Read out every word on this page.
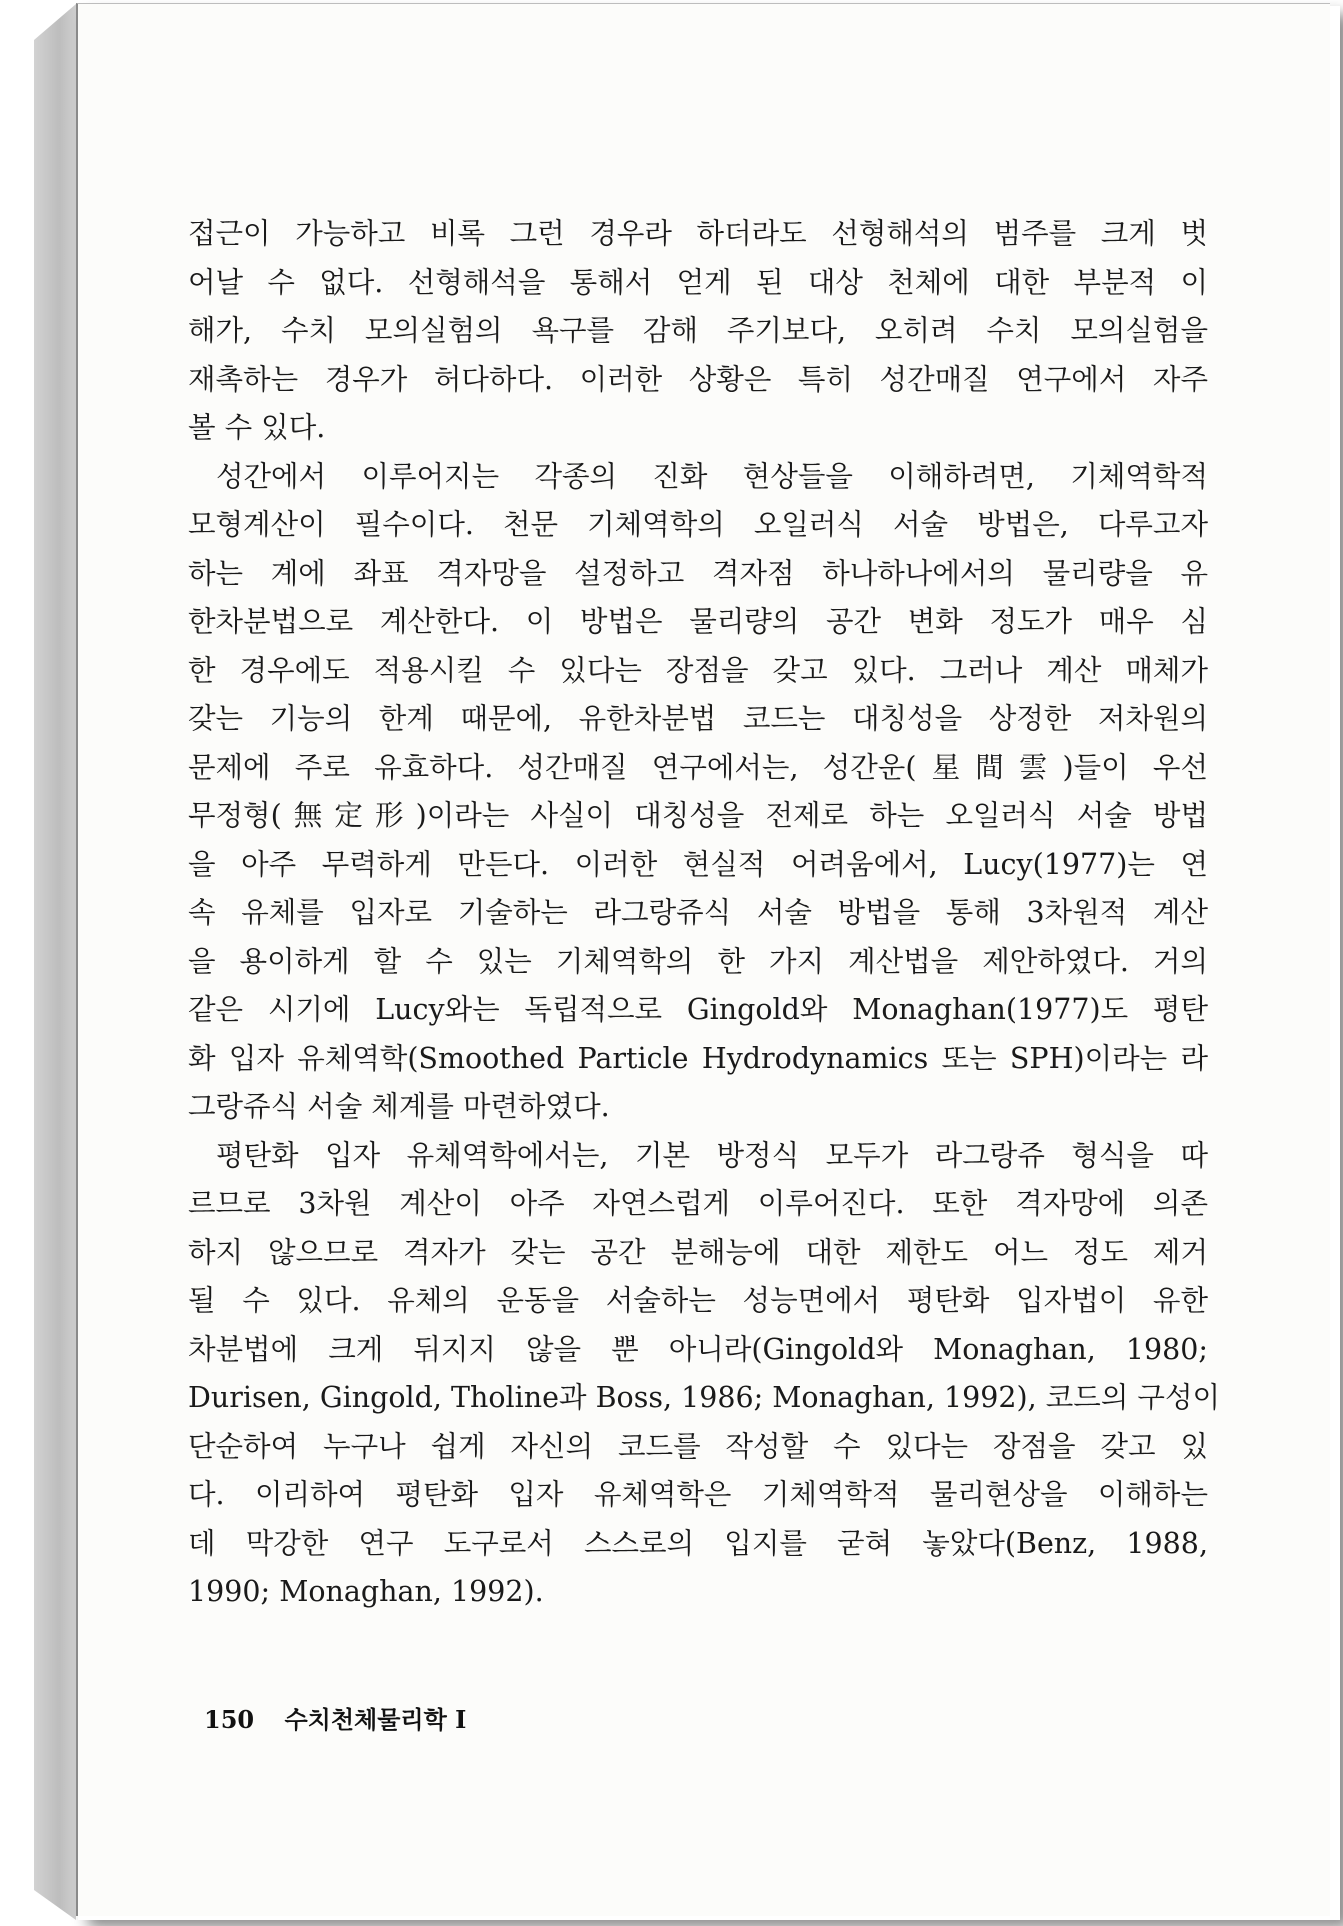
접근이 가능하고 비록 그런 경우라 하더라도 선형해석의 범주를 크게 벗
어날 수 없다. 선형해석을 통해서 얻게 된 대상 천체에 대한 부분적 이
해가, 수치 모의실험의 욕구를 감해 주기보다, 오히려 수치 모의실험을
재촉하는 경우가 허다하다. 이러한 상황은 특히 성간매질 연구에서 자주
볼 수 있다.
성간에서 이루어지는 각종의 진화 현상들을 이해하려면, 기체역학적
모형계산이 필수이다. 천문 기체역학의 오일러식 서술 방법은, 다루고자
하는 계에 좌표 격자망을 설정하고 격자점 하나하나에서의 물리량을 유
한차분법으로 계산한다. 이 방법은 물리량의 공간 변화 정도가 매우 심
한 경우에도 적용시킬 수 있다는 장점을 갖고 있다. 그러나 계산 매체가
갖는 기능의 한계 때문에, 유한차분법 코드는 대칭성을 상정한 저차원의
문제에 주로 유효하다. 성간매질 연구에서는, 성간운(星間雲)들이 우선
무정형(無定形)이라는 사실이 대칭성을 전제로 하는 오일러식 서술 방법
을 아주 무력하게 만든다. 이러한 현실적 어려움에서, Lucy(1977)는 연
속 유체를 입자로 기술하는 라그랑쥬식 서술 방법을 통해 3차원적 계산
을 용이하게 할 수 있는 기체역학의 한 가지 계산법을 제안하였다. 거의
같은 시기에 Lucy와는 독립적으로 Gingold와 Monaghan(1977)도 평탄
화 입자 유체역학(Smoothed Particle Hydrodynamics 또는 SPH)이라는 라
그랑쥬식 서술 체계를 마련하였다.
평탄화 입자 유체역학에서는, 기본 방정식 모두가 라그랑쥬 형식을 따
르므로 3차원 계산이 아주 자연스럽게 이루어진다. 또한 격자망에 의존
하지 않으므로 격자가 갖는 공간 분해능에 대한 제한도 어느 정도 제거
될 수 있다. 유체의 운동을 서술하는 성능면에서 평탄화 입자법이 유한
차분법에 크게 뒤지지 않을 뿐 아니라(Gingold와 Monaghan, 1980;
Durisen, Gingold, Tholine과 Boss, 1986; Monaghan, 1992), 코드의 구성이
단순하여 누구나 쉽게 자신의 코드를 작성할 수 있다는 장점을 갖고 있
다. 이리하여 평탄화 입자 유체역학은 기체역학적 물리현상을 이해하는
데 막강한 연구 도구로서 스스로의 입지를 굳혀 놓았다(Benz, 1988,
1990; Monaghan, 1992).
150 수치천체물리학 I
